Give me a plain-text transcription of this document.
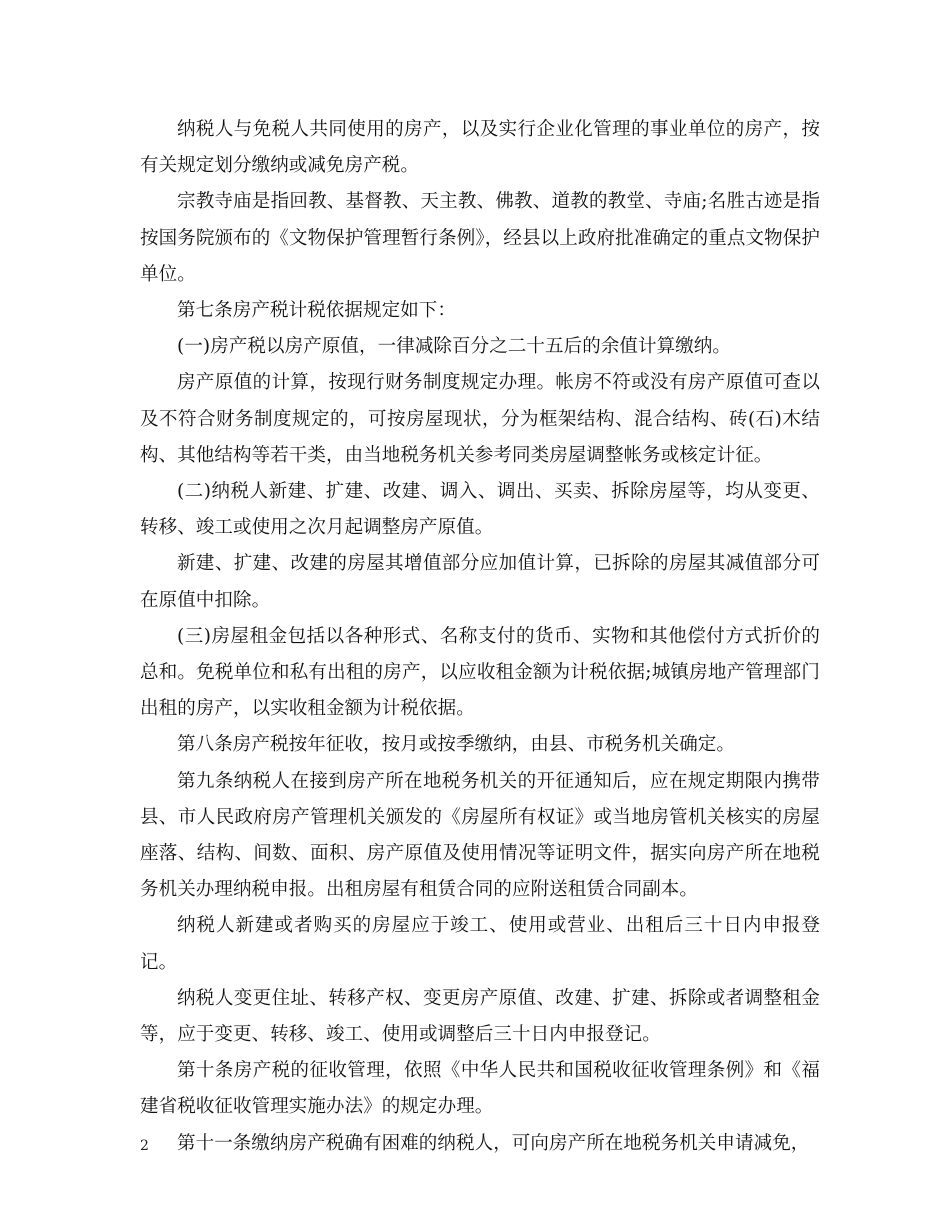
纳税人与免税人共同使用的房产，以及实行企业化管理的事业单位的房产，按有关规定划分缴纳或减免房产税。

宗教寺庙是指回教、基督教、天主教、佛教、道教的教堂、寺庙;名胜古迹是指按国务院颁布的《文物保护管理暂行条例》，经县以上政府批准确定的重点文物保护单位。

第七条房产税计税依据规定如下：

(一)房产税以房产原值，一律减除百分之二十五后的余值计算缴纳。

房产原值的计算，按现行财务制度规定办理。帐房不符或没有房产原值可查以及不符合财务制度规定的，可按房屋现状，分为框架结构、混合结构、砖(石)木结构、其他结构等若干类，由当地税务机关参考同类房屋调整帐务或核定计征。

(二)纳税人新建、扩建、改建、调入、调出、买卖、拆除房屋等，均从变更、转移、竣工或使用之次月起调整房产原值。

新建、扩建、改建的房屋其增值部分应加值计算，已拆除的房屋其减值部分可在原值中扣除。

(三)房屋租金包括以各种形式、名称支付的货币、实物和其他偿付方式折价的总和。免税单位和私有出租的房产，以应收租金额为计税依据;城镇房地产管理部门出租的房产，以实收租金额为计税依据。

第八条房产税按年征收，按月或按季缴纳，由县、市税务机关确定。

第九条纳税人在接到房产所在地税务机关的开征通知后，应在规定期限内携带县、市人民政府房产管理机关颁发的《房屋所有权证》或当地房管机关核实的房屋座落、结构、间数、面积、房产原值及使用情况等证明文件，据实向房产所在地税务机关办理纳税申报。出租房屋有租赁合同的应附送租赁合同副本。

纳税人新建或者购买的房屋应于竣工、使用或营业、出租后三十日内申报登记。

纳税人变更住址、转移产权、变更房产原值、改建、扩建、拆除或者调整租金等，应于变更、转移、竣工、使用或调整后三十日内申报登记。

第十条房产税的征收管理，依照《中华人民共和国税收征收管理条例》和《福建省税收征收管理实施办法》的规定办理。

第十一条缴纳房产税确有困难的纳税人，可向房产所在地税务机关申请减免，

2
